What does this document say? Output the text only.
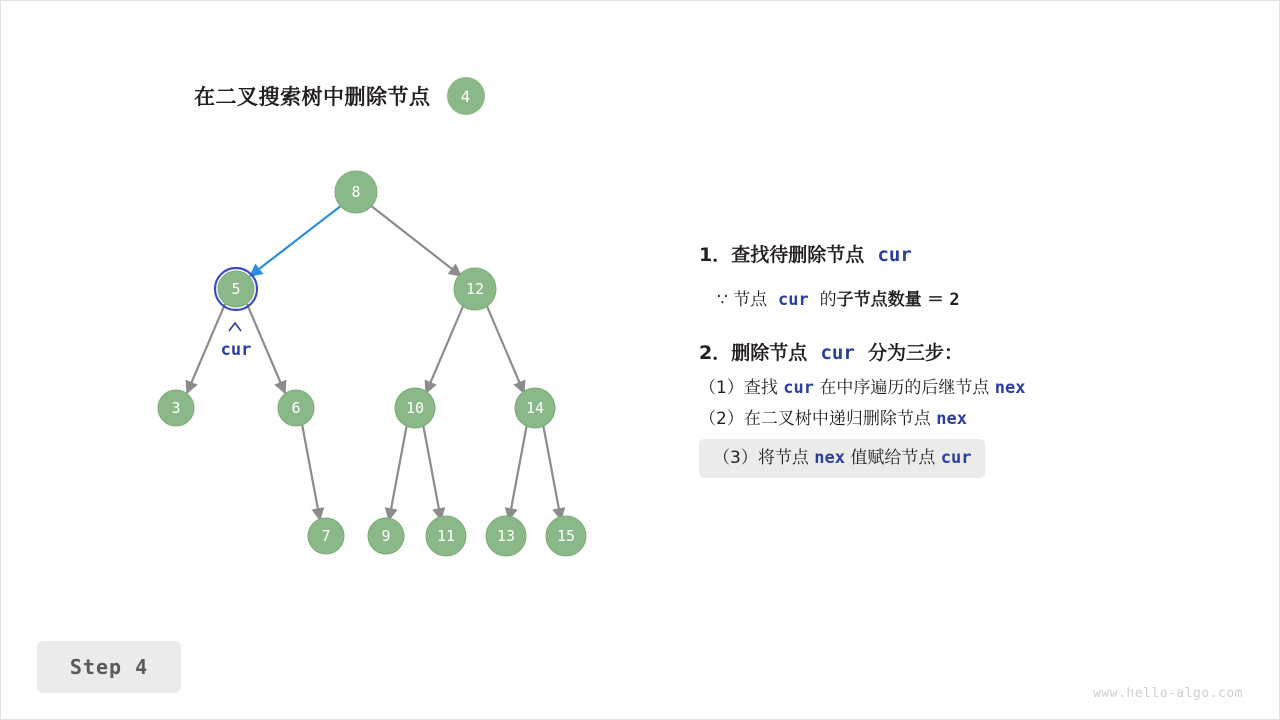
在二叉搜索树中删除节点	4
8
5	12
3	6	10	14
7	9	11	13	15
cur
1．查找待删除节点
cur
∵ 节点
cur
的 子节点数量
＝
2
2．删除节点
cur
分为三步：
（1）查找
cur
在中序遍历的后继节点
nex
（2）在二叉树中递归删除节点
nex
（3）将节点
nex
值赋给节点
cur
Step 4
www.hello-algo.com
